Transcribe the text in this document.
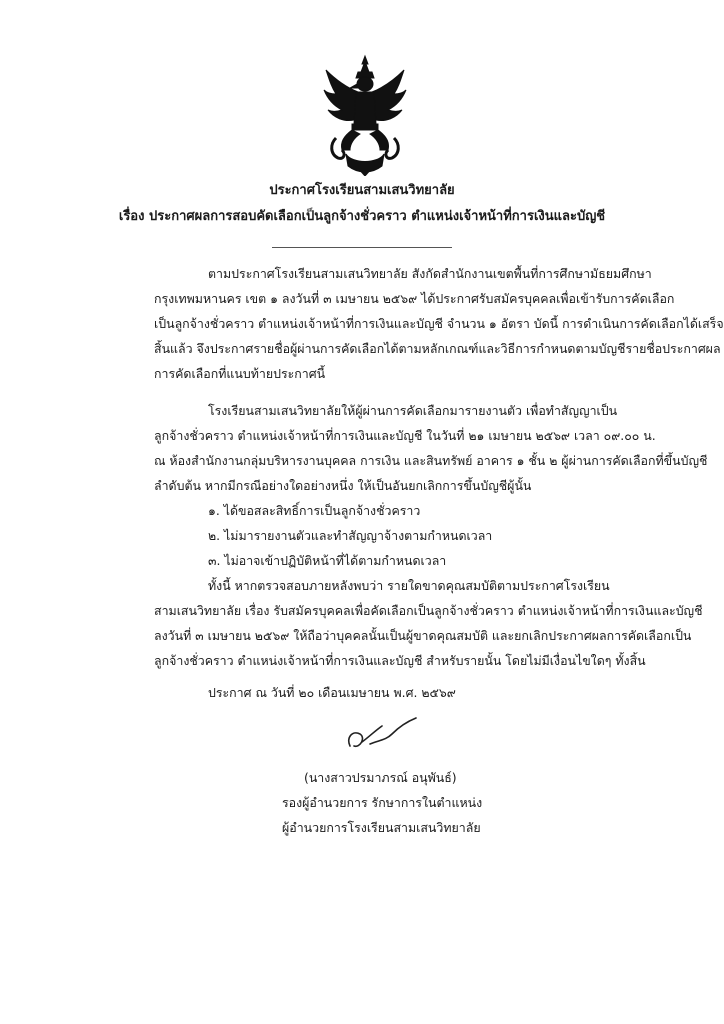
ประกาศโรงเรียนสามเสนวิทยาลัย
เรื่อง ประกาศผลการสอบคัดเลือกเป็นลูกจ้างชั่วคราว ตำแหน่งเจ้าหน้าที่การเงินและบัญชี
ตามประกาศโรงเรียนสามเสนวิทยาลัย สังกัดสำนักงานเขตพื้นที่การศึกษามัธยมศึกษา
กรุงเทพมหานคร เขต ๑ ลงวันที่ ๓ เมษายน ๒๕๖๙ ได้ประกาศรับสมัครบุคคลเพื่อเข้ารับการคัดเลือก
เป็นลูกจ้างชั่วคราว ตำแหน่งเจ้าหน้าที่การเงินและบัญชี จำนวน ๑ อัตรา บัดนี้ การดำเนินการคัดเลือกได้เสร็จ
สิ้นแล้ว จึงประกาศรายชื่อผู้ผ่านการคัดเลือกได้ตามหลักเกณฑ์และวิธีการกำหนดตามบัญชีรายชื่อประกาศผล
การคัดเลือกที่แนบท้ายประกาศนี้
โรงเรียนสามเสนวิทยาลัยให้ผู้ผ่านการคัดเลือกมารายงานตัว เพื่อทำสัญญาเป็น
ลูกจ้างชั่วคราว ตำแหน่งเจ้าหน้าที่การเงินและบัญชี ในวันที่ ๒๑ เมษายน ๒๕๖๙ เวลา ๐๙.๐๐ น.
ณ ห้องสำนักงานกลุ่มบริหารงานบุคคล การเงิน และสินทรัพย์ อาคาร ๑ ชั้น ๒ ผู้ผ่านการคัดเลือกที่ขึ้นบัญชี
ลำดับต้น หากมีกรณีอย่างใดอย่างหนึ่ง ให้เป็นอันยกเลิกการขึ้นบัญชีผู้นั้น
๑. ได้ขอสละสิทธิ์การเป็นลูกจ้างชั่วคราว
๒. ไม่มารายงานตัวและทำสัญญาจ้างตามกำหนดเวลา
๓. ไม่อาจเข้าปฏิบัติหน้าที่ได้ตามกำหนดเวลา
ทั้งนี้ หากตรวจสอบภายหลังพบว่า รายใดขาดคุณสมบัติตามประกาศโรงเรียน
สามเสนวิทยาลัย เรื่อง รับสมัครบุคคลเพื่อคัดเลือกเป็นลูกจ้างชั่วคราว ตำแหน่งเจ้าหน้าที่การเงินและบัญชี
ลงวันที่ ๓ เมษายน ๒๕๖๙ ให้ถือว่าบุคคลนั้นเป็นผู้ขาดคุณสมบัติ และยกเลิกประกาศผลการคัดเลือกเป็น
ลูกจ้างชั่วคราว ตำแหน่งเจ้าหน้าที่การเงินและบัญชี สำหรับรายนั้น โดยไม่มีเงื่อนไขใดๆ ทั้งสิ้น
ประกาศ ณ วันที่ ๒๐ เดือนเมษายน พ.ศ. ๒๕๖๙
(นางสาวปรมาภรณ์ อนุพันธ์)
รองผู้อำนวยการ รักษาการในตำแหน่ง
ผู้อำนวยการโรงเรียนสามเสนวิทยาลัย
